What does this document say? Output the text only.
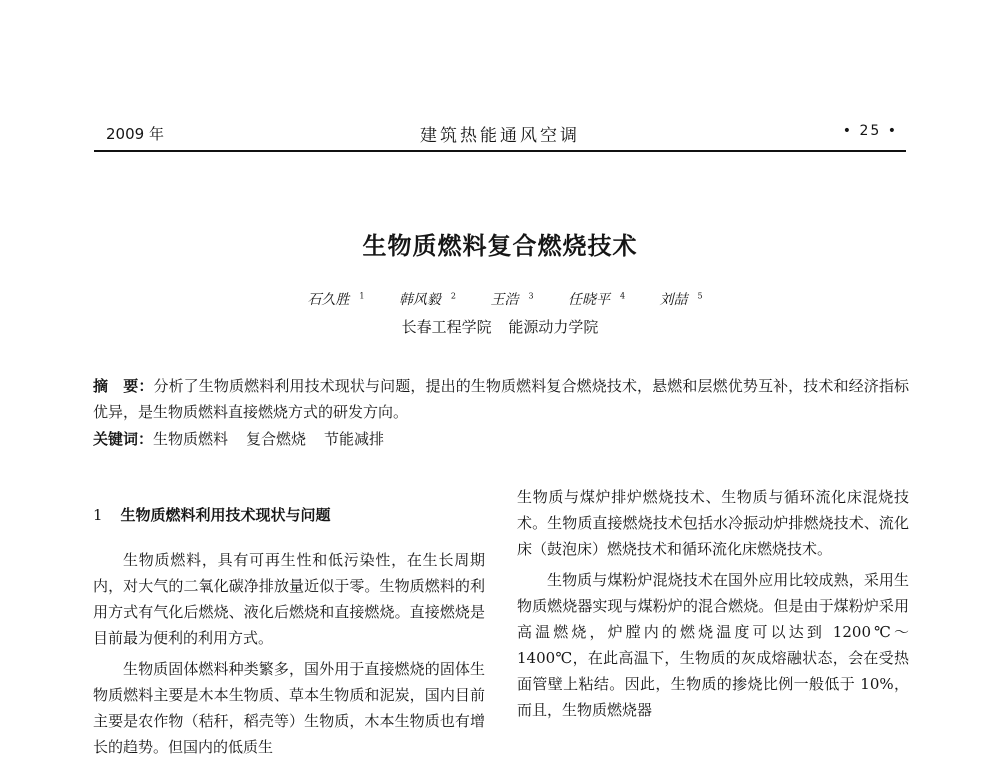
2009 年	建筑热能通风空调	• 25 •
生物质燃料复合燃烧技术
石久胜 $^1$ 韩风毅 $^2$ 王浩 $^3$ 任晓平 $^4$ 刘喆 $^5$
长春工程学院 能源动力学院
摘　要：分析了生物质燃料利用技术现状与问题，提出的生物质燃料复合燃烧技术，悬燃和层燃优势互补，技术和经济指标优异，是生物质燃料直接燃烧方式的研发方向。
关键词：生物质燃料 复合燃烧 节能减排
1 生物质燃料利用技术现状与问题

生物质燃料，具有可再生性和低污染性，在生长周期内，对大气的二氧化碳净排放量近似于零。生物质燃料的利用方式有气化后燃烧、液化后燃烧和直接燃烧。直接燃烧是目前最为便利的利用方式。

生物质固体燃料种类繁多，国外用于直接燃烧的固体生物质燃料主要是木本生物质、草本生物质和泥炭，国内目前主要是农作物（秸秆，稻壳等）生物质，木本生物质也有增长的趋势。但国内的低质生

生物质与煤炉排炉燃烧技术、生物质与循环流化床混烧技术。生物质直接燃烧技术包括水冷振动炉排燃烧技术、流化床（鼓泡床）燃烧技术和循环流化床燃烧技术。

生物质与煤粉炉混烧技术在国外应用比较成熟，采用生物质燃烧器实现与煤粉炉的混合燃烧。但是由于煤粉炉采用高温燃烧，炉膛内的燃烧温度可以达到 1200℃～1400℃，在此高温下，生物质的灰成熔融状态，会在受热面管壁上粘结。因此，生物质的掺烧比例一般低于 10%，而且，生物质燃烧器
